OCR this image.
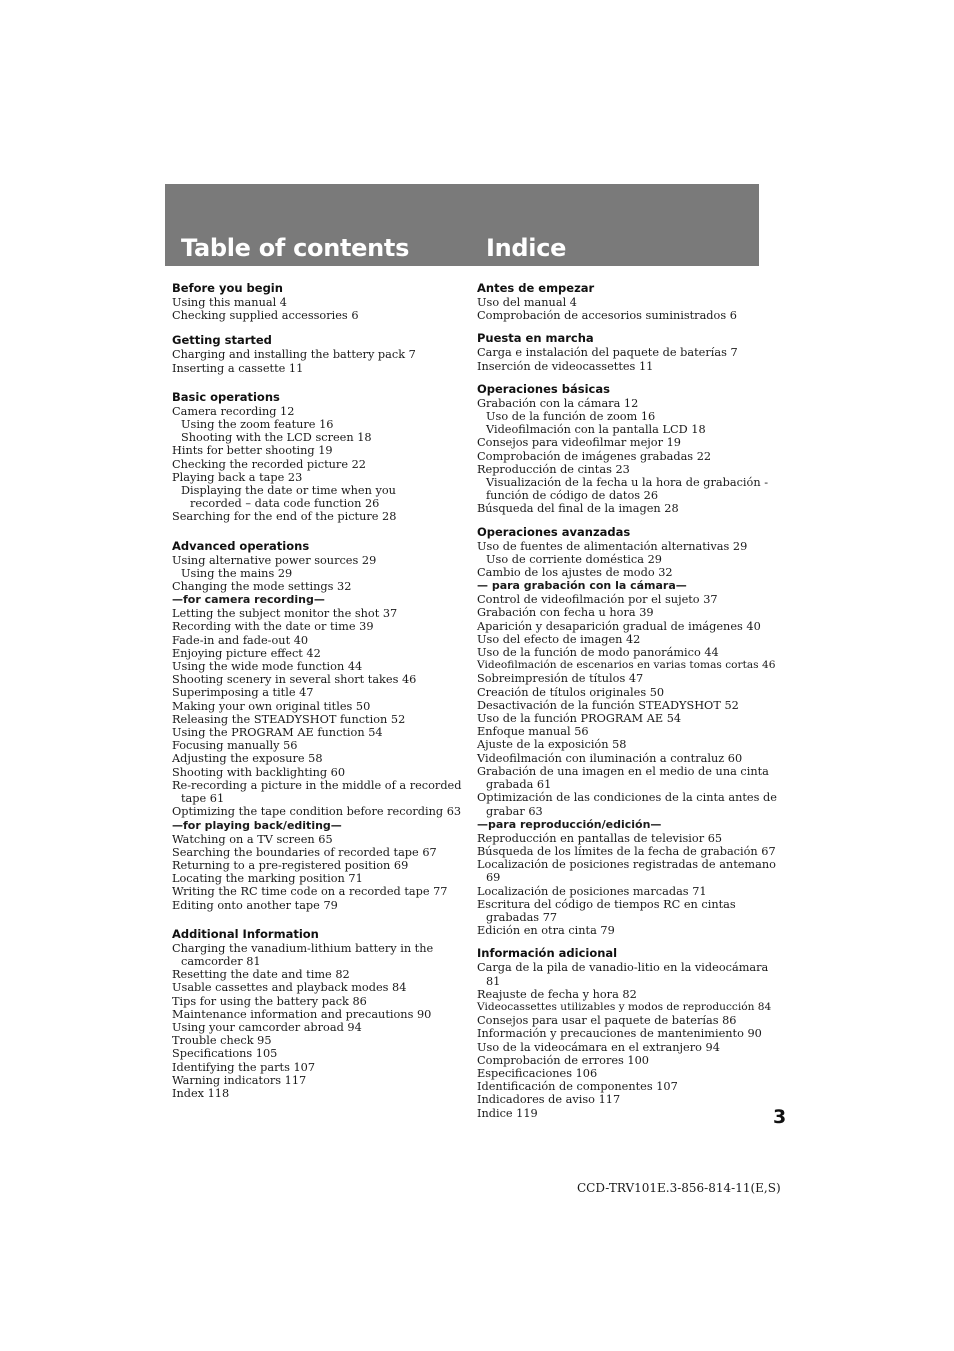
Table of contents	Indice
Before you begin
Using this manual 4
Checking supplied accessories 6
Getting started
Charging and installing the battery pack 7
Inserting a cassette 11
Basic operations
Camera recording 12
Using the zoom feature 16
Shooting with the LCD screen 18
Hints for better shooting 19
Checking the recorded picture 22
Playing back a tape 23
Displaying the date or time when you
recorded – data code function 26
Searching for the end of the picture 28
Advanced operations
Using alternative power sources 29
Using the mains 29
Changing the mode settings 32
—for camera recording—
Letting the subject monitor the shot 37
Recording with the date or time 39
Fade-in and fade-out 40
Enjoying picture effect 42
Using the wide mode function 44
Shooting scenery in several short takes 46
Superimposing a title 47
Making your own original titles 50
Releasing the STEADYSHOT function 52
Using the PROGRAM AE function 54
Focusing manually 56
Adjusting the exposure 58
Shooting with backlighting 60
Re-recording a picture in the middle of a recorded
tape 61
Optimizing the tape condition before recording 63
—for playing back/editing—
Watching on a TV screen 65
Searching the boundaries of recorded tape 67
Returning to a pre-registered position 69
Locating the marking position 71
Writing the RC time code on a recorded tape 77
Editing onto another tape 79
Additional Information
Charging the vanadium-lithium battery in the
camcorder 81
Resetting the date and time 82
Usable cassettes and playback modes 84
Tips for using the battery pack 86
Maintenance information and precautions 90
Using your camcorder abroad 94
Trouble check 95
Specifications 105
Identifying the parts 107
Warning indicators 117
Index 118
Antes de empezar
Uso del manual 4
Comprobación de accesorios suministrados 6
Puesta en marcha
Carga e instalación del paquete de baterías 7
Inserción de videocassettes 11
Operaciones básicas
Grabación con la cámara 12
Uso de la función de zoom 16
Videofilmación con la pantalla LCD 18
Consejos para videofilmar mejor 19
Comprobación de imágenes grabadas 22
Reproducción de cintas 23
Visualización de la fecha u la hora de grabación -
función de código de datos 26
Búsqueda del final de la imagen 28
Operaciones avanzadas
Uso de fuentes de alimentación alternativas 29
Uso de corriente doméstica 29
Cambio de los ajustes de modo 32
— para grabación con la cámara—
Control de videofilmación por el sujeto 37
Grabación con fecha u hora 39
Aparición y desaparición gradual de imágenes 40
Uso del efecto de imagen 42
Uso de la función de modo panorámico 44
Videofilmación de escenarios en varias tomas cortas 46
Sobreimpresión de títulos 47
Creación de títulos originales 50
Desactivación de la función STEADYSHOT 52
Uso de la función PROGRAM AE 54
Enfoque manual 56
Ajuste de la exposición 58
Videofilmación con iluminación a contraluz 60
Grabación de una imagen en el medio de una cinta
grabada 61
Optimización de las condiciones de la cinta antes de
grabar 63
—para reproducción/edición—
Reproducción en pantallas de televisior 65
Búsqueda de los límites de la fecha de grabación 67
Localización de posiciones registradas de antemano
69
Localización de posiciones marcadas 71
Escritura del código de tiempos RC en cintas
grabadas 77
Edición en otra cinta 79
Información adicional
Carga de la pila de vanadio-litio en la videocámara
81
Reajuste de fecha y hora 82
Videocassettes utilizables y modos de reproducción 84
Consejos para usar el paquete de baterías 86
Información y precauciones de mantenimiento 90
Uso de la videocámara en el extranjero 94
Comprobación de errores 100
Especificaciones 106
Identificación de componentes 107
Indicadores de aviso 117
Indice 119	3
CCD-TRV101E.3-856-814-11(E,S)
